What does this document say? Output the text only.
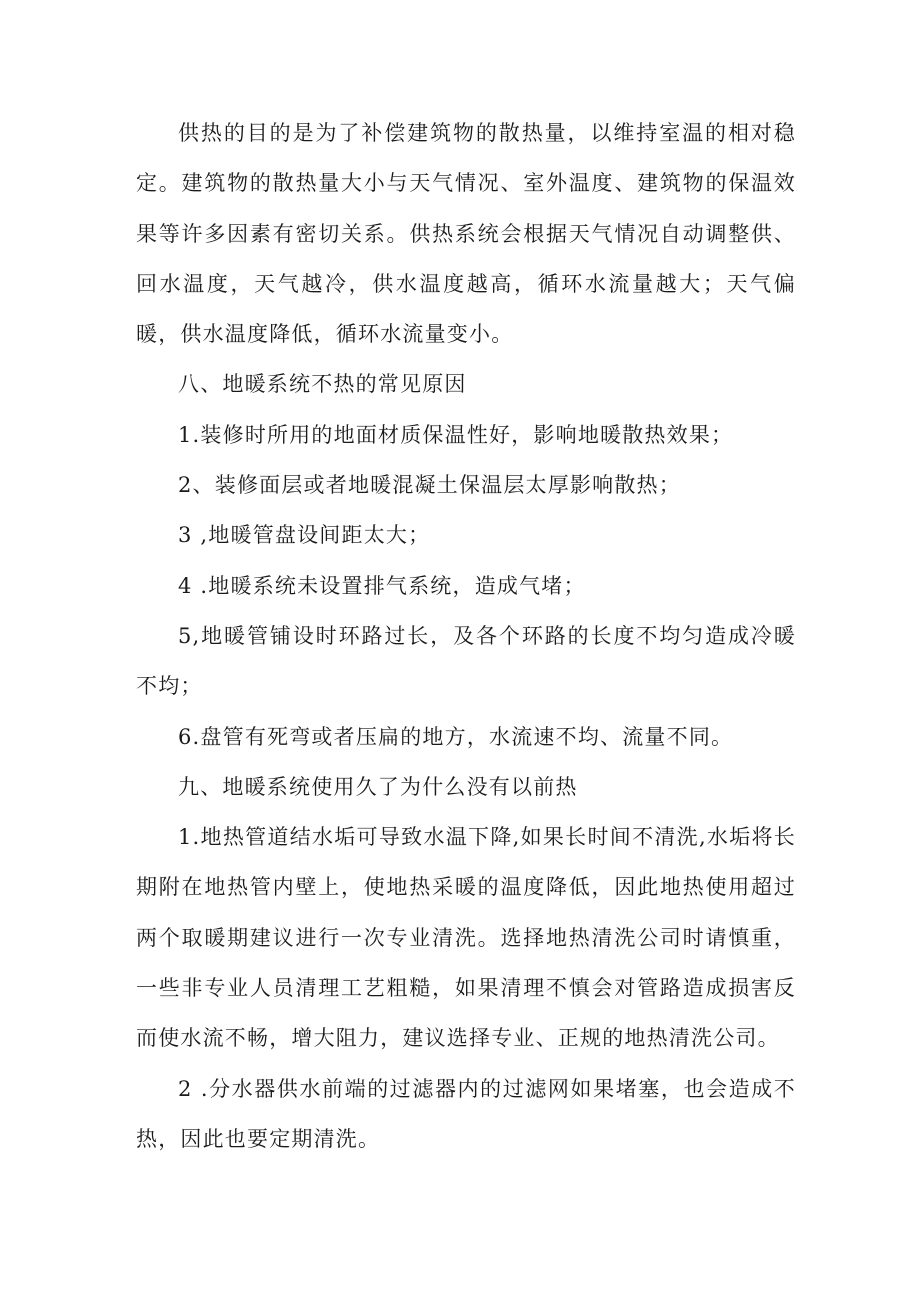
供热的目的是为了补偿建筑物的散热量，以维持室温的相对稳定。建筑物的散热量大小与天气情况、室外温度、建筑物的保温效果等许多因素有密切关系。供热系统会根据天气情况自动调整供、回水温度，天气越冷，供水温度越高，循环水流量越大；天气偏暖，供水温度降低，循环水流量变小。

八、地暖系统不热的常见原因

1.装修时所用的地面材质保温性好，影响地暖散热效果；

2、装修面层或者地暖混凝土保温层太厚影响散热；

3 ,地暖管盘设间距太大；

4 .地暖系统未设置排气系统，造成气堵；

5,地暖管铺设时环路过长，及各个环路的长度不均匀造成冷暖不均；

6.盘管有死弯或者压扁的地方，水流速不均、流量不同。

九、地暖系统使用久了为什么没有以前热

1.地热管道结水垢可导致水温下降,如果长时间不清洗,水垢将长期附在地热管内壁上，使地热采暖的温度降低，因此地热使用超过两个取暖期建议进行一次专业清洗。选择地热清洗公司时请慎重，一些非专业人员清理工艺粗糙，如果清理不慎会对管路造成损害反而使水流不畅，增大阻力，建议选择专业、正规的地热清洗公司。

2 .分水器供水前端的过滤器内的过滤网如果堵塞，也会造成不热，因此也要定期清洗。
